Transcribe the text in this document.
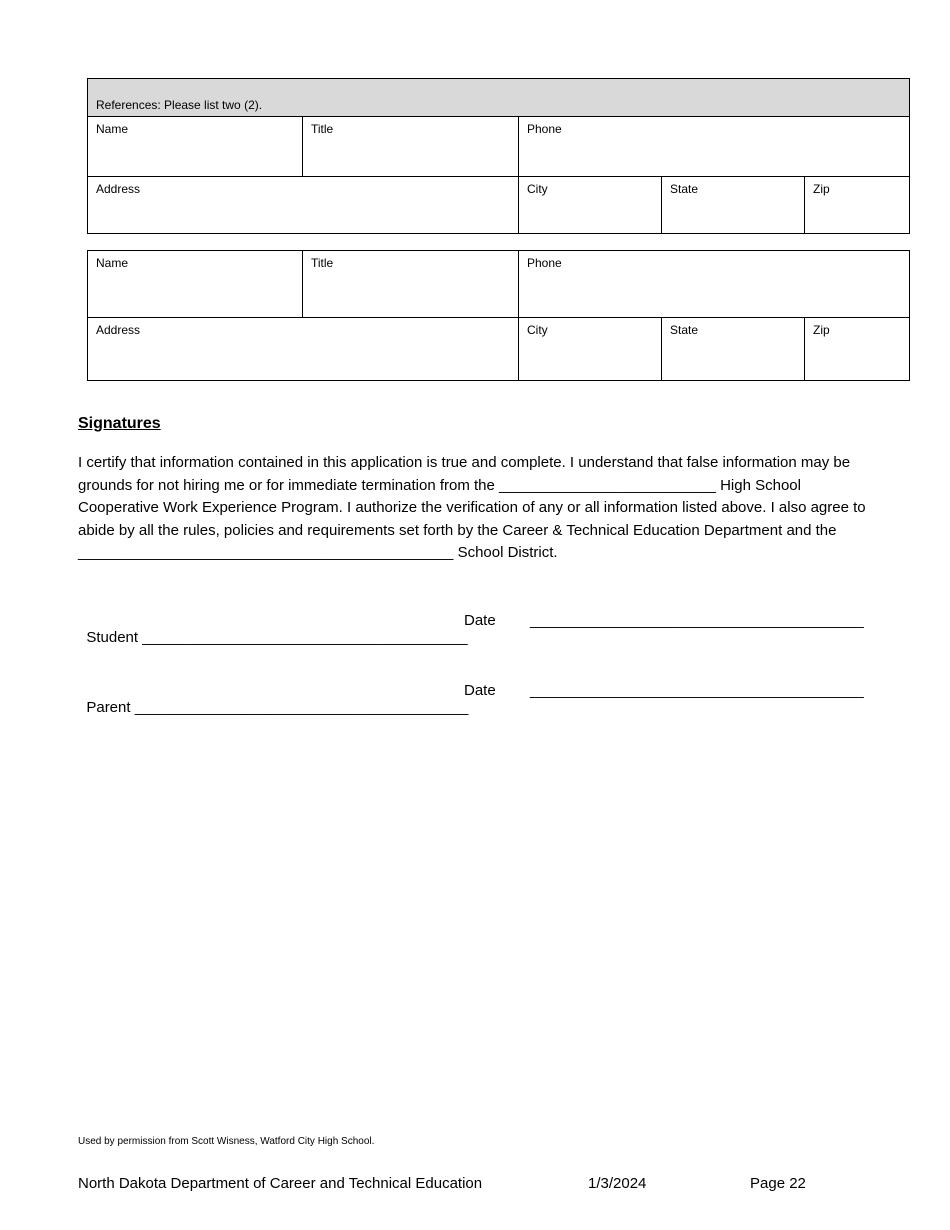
References: Please list two (2).				
Name	Title	Phone		
Address		City	State	Zip
Name	Title	Phone		
Address		City	State	Zip
Signatures

I certify that information contained in this application is true and complete. I understand that false information may be grounds for not hiring me or for immediate termination from the __________________________ High School Cooperative Work Experience Program. I authorize the verification of any or all information listed above. I also agree to abide by all the rules, policies and requirements set forth by the Career & Technical Education Department and the _____________________________________________ School District.

Student _______________________________________

Date

________________________________________

Parent ________________________________________

Date

________________________________________

Used by permission from Scott Wisness, Watford City High School.
North Dakota Department of Career and Technical Education	1/3/2024	Page 22
